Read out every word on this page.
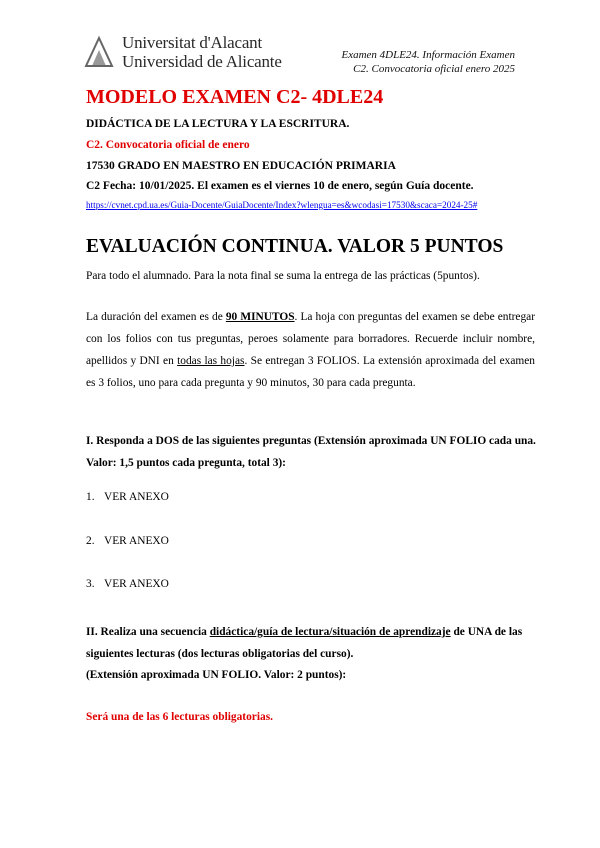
Universitat d'Alacant
Universidad de Alicante	Examen 4DLE24. Información Examen
C2. Convocatoria oficial enero 2025
MODELO EXAMEN C2- 4DLE24
DIDÁCTICA DE LA LECTURA Y LA ESCRITURA.
C2. Convocatoria oficial de enero
17530 GRADO EN MAESTRO EN EDUCACIÓN PRIMARIA
C2 Fecha: 10/01/2025. El examen es el viernes 10 de enero, según Guía docente.
https://cvnet.cpd.ua.es/Guia-Docente/GuiaDocente/Index?wlengua=es&wcodasi=17530&scaca=2024-25#
EVALUACIÓN CONTINUA. VALOR 5 PUNTOS
Para todo el alumnado. Para la nota final se suma la entrega de las prácticas (5puntos).
La duración del examen es de 90 MINUTOS. La hoja con preguntas del examen se debe entregar con los folios con tus preguntas, peroes solamente para borradores. Recuerde incluir nombre, apellidos y DNI en todas las hojas. Se entregan 3 FOLIOS. La extensión aproximada del examen es 3 folios, uno para cada pregunta y 90 minutos, 30 para cada pregunta.
I. Responda a DOS de las siguientes preguntas (Extensión aproximada UN FOLIO cada una. Valor: 1,5 puntos cada pregunta, total 3):
1. VER ANEXO
2. VER ANEXO
3. VER ANEXO
II. Realiza una secuencia didáctica/guía de lectura/situación de aprendizaje de UNA de las siguientes lecturas (dos lecturas obligatorias del curso).
(Extensión aproximada UN FOLIO. Valor: 2 puntos):
Será una de las 6 lecturas obligatorias.
